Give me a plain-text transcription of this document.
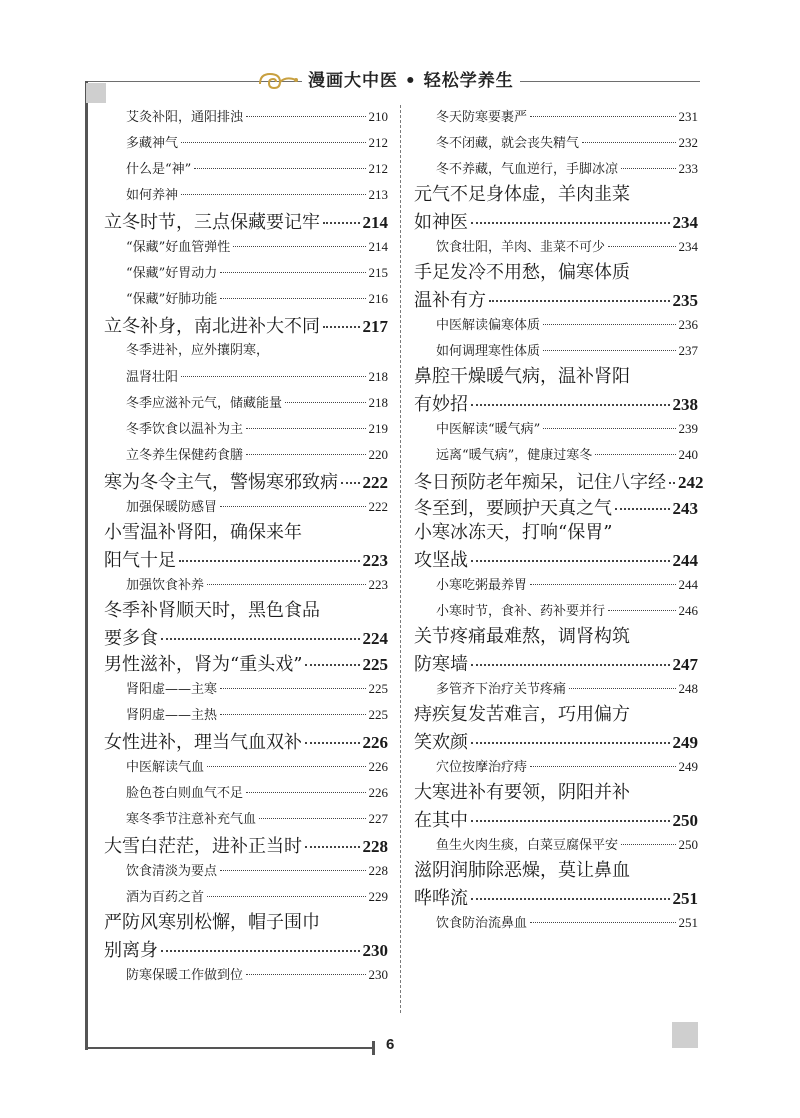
漫画大中医 • 轻松学养生
6
艾灸补阳，通阳排浊	210
多藏神气	212
什么是“神”	212
如何养神	213
立冬时节，三点保藏要记牢	214
“保藏”好血管弹性	214
“保藏”好胃动力	215
“保藏”好肺功能	216
立冬补身，南北进补大不同	217
冬季进补，应外攘阴寒，
温肾壮阳	218
冬季应滋补元气，储藏能量	218
冬季饮食以温补为主	219
立冬养生保健药食膳	220
寒为冬令主气，警惕寒邪致病 222
加强保暖防感冒	222
小雪温补肾阳，确保来年
阳气十足	223
加强饮食补养	223
冬季补肾顺天时，黑色食品
要多食	224
男性滋补，肾为“重头戏”	225
肾阳虚——主寒	225
肾阴虚——主热	225
女性进补，理当气血双补	226
中医解读气血	226
脸色苍白则血气不足	226
寒冬季节注意补充气血	227
大雪白茫茫，进补正当时	228
饮食清淡为要点	228
酒为百药之首	229
严防风寒别松懈，帽子围巾
别离身	230
防寒保暖工作做到位	230
冬天防寒要裹严	231
冬不闭藏，就会丧失精气	232
冬不养藏，气血逆行，手脚冰凉	233
元气不足身体虚，羊肉韭菜
如神医	234
饮食壮阳，羊肉、韭菜不可少	234
手足发冷不用愁，偏寒体质
温补有方	235
中医解读偏寒体质	236
如何调理寒性体质	237
鼻腔干燥暖气病，温补肾阳
有妙招	238
中医解读“暖气病”	239
远离“暖气病”，健康过寒冬	240
冬日预防老年痴呆，记住八字经 242
冬至到，要顾护天真之气	243
小寒冰冻天，打响“保胃”
攻坚战	244
小寒吃粥最养胃	244
小寒时节，食补、药补要并行	246
关节疼痛最难熬，调肾构筑
防寒墙	247
多管齐下治疗关节疼痛	248
痔疾复发苦难言，巧用偏方
笑欢颜	249
穴位按摩治疗痔	249
大寒进补有要领，阴阳并补
在其中	250
鱼生火肉生痰，白菜豆腐保平安	250
滋阴润肺除恶燥，莫让鼻血
哗哗流	251
饮食防治流鼻血	251
